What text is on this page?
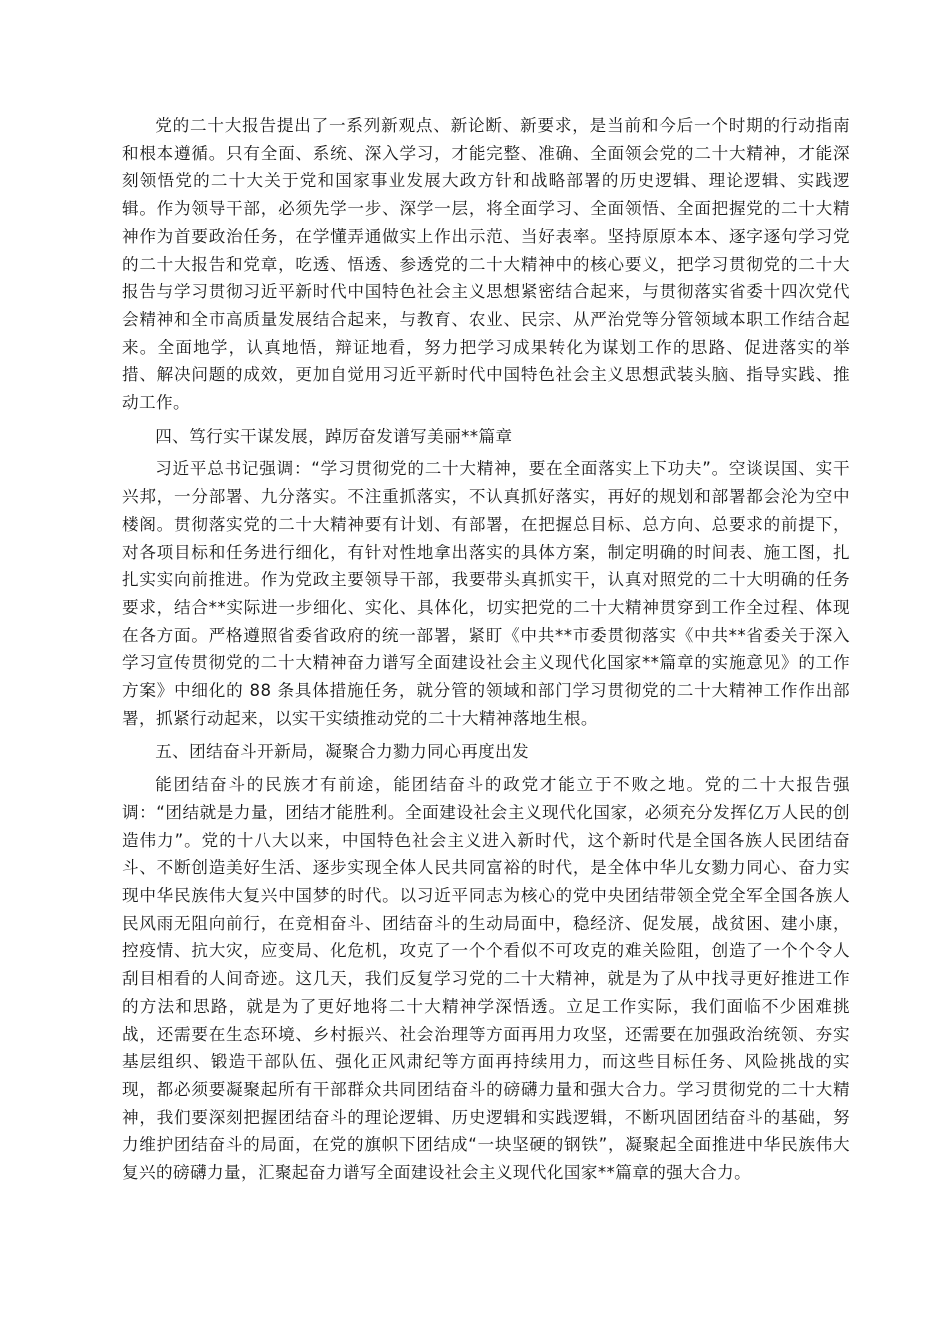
党的二十大报告提出了一系列新观点、新论断、新要求，是当前和今后一个时期的行动指南和根本遵循。只有全面、系统、深入学习，才能完整、准确、全面领会党的二十大精神，才能深刻领悟党的二十大关于党和国家事业发展大政方针和战略部署的历史逻辑、理论逻辑、实践逻辑。作为领导干部，必须先学一步、深学一层，将全面学习、全面领悟、全面把握党的二十大精神作为首要政治任务，在学懂弄通做实上作出示范、当好表率。坚持原原本本、逐字逐句学习党的二十大报告和党章，吃透、悟透、参透党的二十大精神中的核心要义，把学习贯彻党的二十大报告与学习贯彻习近平新时代中国特色社会主义思想紧密结合起来，与贯彻落实省委十四次党代会精神和全市高质量发展结合起来，与教育、农业、民宗、从严治党等分管领域本职工作结合起来。全面地学，认真地悟，辩证地看，努力把学习成果转化为谋划工作的思路、促进落实的举措、解决问题的成效，更加自觉用习近平新时代中国特色社会主义思想武装头脑、指导实践、推动工作。

四、笃行实干谋发展，踔厉奋发谱写美丽**篇章

习近平总书记强调：“学习贯彻党的二十大精神，要在全面落实上下功夫”。空谈误国、实干兴邦，一分部署、九分落实。不注重抓落实，不认真抓好落实，再好的规划和部署都会沦为空中楼阁。贯彻落实党的二十大精神要有计划、有部署，在把握总目标、总方向、总要求的前提下，对各项目标和任务进行细化，有针对性地拿出落实的具体方案，制定明确的时间表、施工图，扎扎实实向前推进。作为党政主要领导干部，我要带头真抓实干，认真对照党的二十大明确的任务要求，结合**实际进一步细化、实化、具体化，切实把党的二十大精神贯穿到工作全过程、体现在各方面。严格遵照省委省政府的统一部署，紧盯《中共**市委贯彻落实《中共**省委关于深入学习宣传贯彻党的二十大精神奋力谱写全面建设社会主义现代化国家**篇章的实施意见》的工作方案》中细化的 88 条具体措施任务，就分管的领域和部门学习贯彻党的二十大精神工作作出部署，抓紧行动起来，以实干实绩推动党的二十大精神落地生根。

五、团结奋斗开新局，凝聚合力勠力同心再度出发

能团结奋斗的民族才有前途，能团结奋斗的政党才能立于不败之地。党的二十大报告强调：“团结就是力量，团结才能胜利。全面建设社会主义现代化国家，必须充分发挥亿万人民的创造伟力”。党的十八大以来，中国特色社会主义进入新时代，这个新时代是全国各族人民团结奋斗、不断创造美好生活、逐步实现全体人民共同富裕的时代，是全体中华儿女勠力同心、奋力实现中华民族伟大复兴中国梦的时代。以习近平同志为核心的党中央团结带领全党全军全国各族人民风雨无阻向前行，在竞相奋斗、团结奋斗的生动局面中，稳经济、促发展，战贫困、建小康，控疫情、抗大灾，应变局、化危机，攻克了一个个看似不可攻克的难关险阻，创造了一个个令人刮目相看的人间奇迹。这几天，我们反复学习党的二十大精神，就是为了从中找寻更好推进工作的方法和思路，就是为了更好地将二十大精神学深悟透。立足工作实际，我们面临不少困难挑战，还需要在生态环境、乡村振兴、社会治理等方面再用力攻坚，还需要在加强政治统领、夯实基层组织、锻造干部队伍、强化正风肃纪等方面再持续用力，而这些目标任务、风险挑战的实现，都必须要凝聚起所有干部群众共同团结奋斗的磅礴力量和强大合力。学习贯彻党的二十大精神，我们要深刻把握团结奋斗的理论逻辑、历史逻辑和实践逻辑，不断巩固团结奋斗的基础，努力维护团结奋斗的局面，在党的旗帜下团结成“一块坚硬的钢铁”，凝聚起全面推进中华民族伟大复兴的磅礴力量，汇聚起奋力谱写全面建设社会主义现代化国家**篇章的强大合力。
